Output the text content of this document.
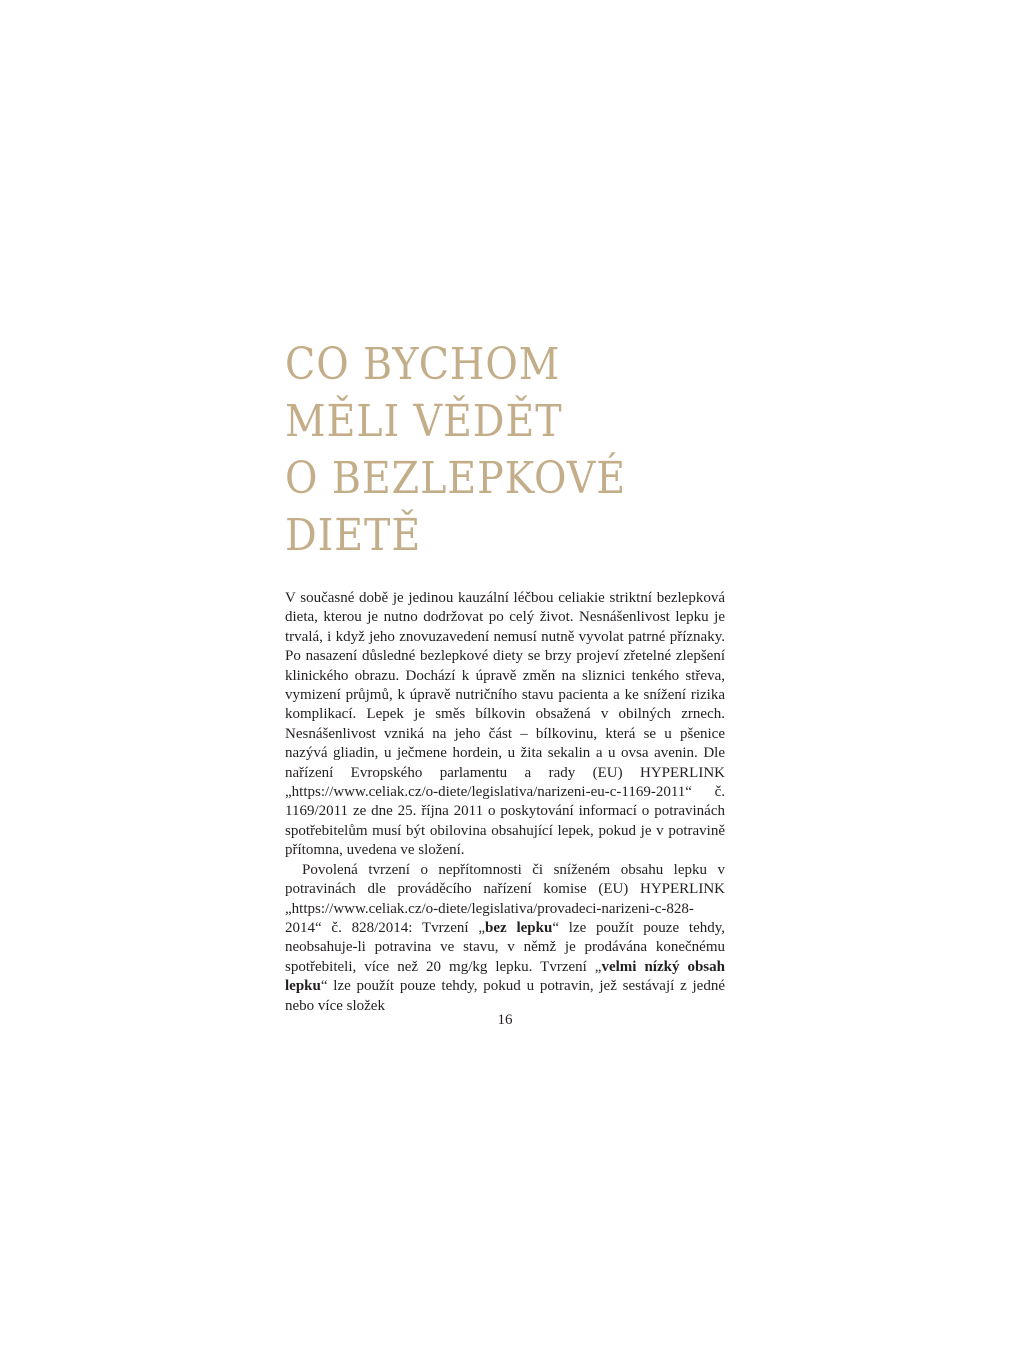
CO BYCHOM
MĚLI VĚDĚT
O BEZLEPKOVÉ
DIETĚ

V současné době je jedinou kauzální léčbou celiakie striktní bezlepková dieta, kterou je nutno dodržovat po celý život. Nesnášenlivost lepku je trvalá, i když jeho znovuzavedení nemusí nutně vyvolat patrné příznaky. Po nasazení důsledné bezlepkové diety se brzy projeví zřetelné zlepšení klinického obrazu. Dochází k úpravě změn na sliznici tenkého střeva, vymizení průjmů, k úpravě nutričního stavu pacienta a ke snížení rizika komplikací. Lepek je směs bílkovin obsažená v obilných zrnech. Nesnášenlivost vzniká na jeho část – bílkovinu, která se u pšenice nazývá gliadin, u ječmene hordein, u žita sekalin a u ovsa avenin. Dle nařízení Evropského parlamentu a rady (EU) HYPERLINK „https://www.celiak.cz/o-diete/legislativa/narizeni-eu-c-1169-2011“ č. 1169/2011 ze dne 25. října 2011 o poskytování informací o potravinách spotřebitelům musí být obilovina obsahující lepek, pokud je v potravině přítomna, uvedena ve složení.

Povolená tvrzení o nepřítomnosti či sníženém obsahu lepku v potravinách dle prováděcího nařízení komise (EU) HYPERLINK „https://www.celiak.cz/o-diete/legislativa/provadeci-narizeni-c-828-2014“ č. 828/2014: Tvrzení „bez lepku“ lze použít pouze tehdy, neobsahuje-li potravina ve stavu, v němž je prodávána konečnému spotřebiteli, více než 20 mg/kg lepku. Tvrzení „velmi nízký obsah lepku“ lze použít pouze tehdy, pokud u potravin, jež sestávají z jedné nebo více složek

16
